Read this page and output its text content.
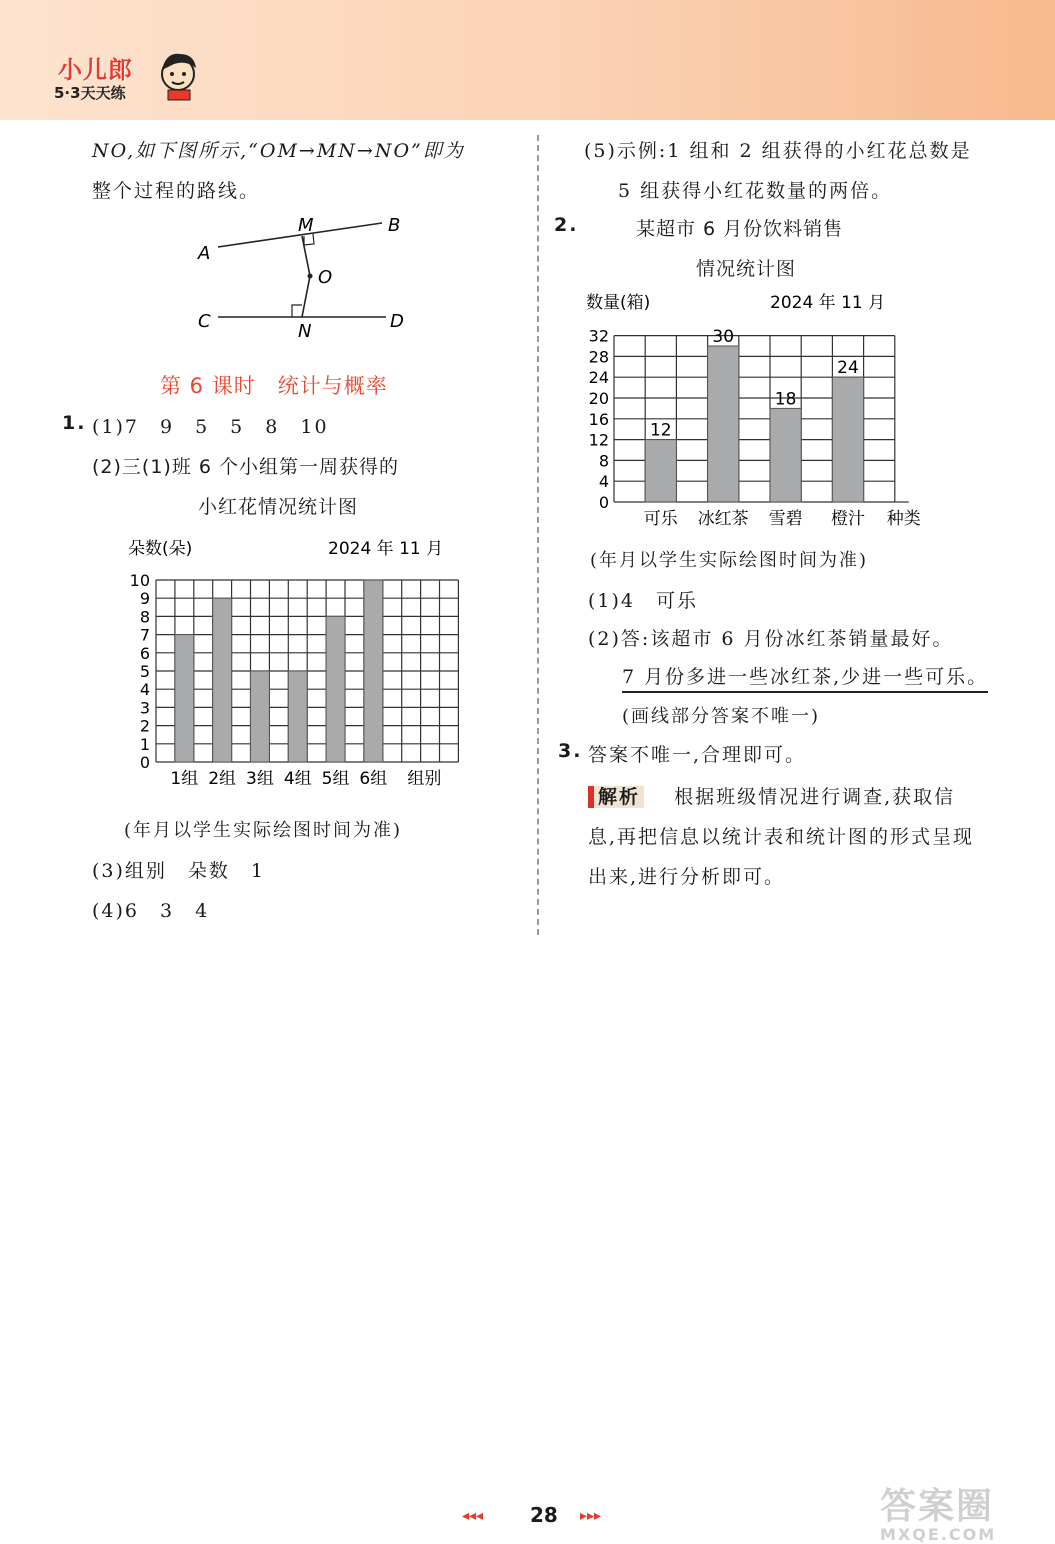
小儿郎
5·3天天练
NO,如下图所示,“OM→MN→NO”即为
整个过程的路线。
A
B
M
O
C	D
N
第 6 课时　统计与概率
1. (1)7　9　5　5　8　10
(2)三(1)班 6 个小组第一周获得的
小红花情况统计图
朵数(朵)	2024 年 11 月
0
1
2
3
4
5
6
7
8
9
10
1组 2组 3组 4组 5组 6组 组别
(年月以学生实际绘图时间为准)
(3)组别　朵数　1
(4)6　3　4
(5)示例:1 组和 2 组获得的小红花总数是
5 组获得小红花数量的两倍。
2.	某超市 6 月份饮料销售
情况统计图
数量(箱)	2024 年 11 月
0
4
8
12
16
20
24
28
32
12
可乐
30
冰红茶
18
雪碧
24
橙汁 种类
(年月以学生实际绘图时间为准)
(1)4　可乐
(2)答:该超市 6 月份冰红茶销量最好。
7 月份多进一些冰红茶,少进一些可乐。
(画线部分答案不唯一)
3. 答案不唯一,合理即可。
解析 根据班级情况进行调查,获取信
息,再把信息以统计表和统计图的形式呈现
出来,进行分析即可。
◂◂◂ 28 ▸▸▸	答案圈
MXQE.COM
